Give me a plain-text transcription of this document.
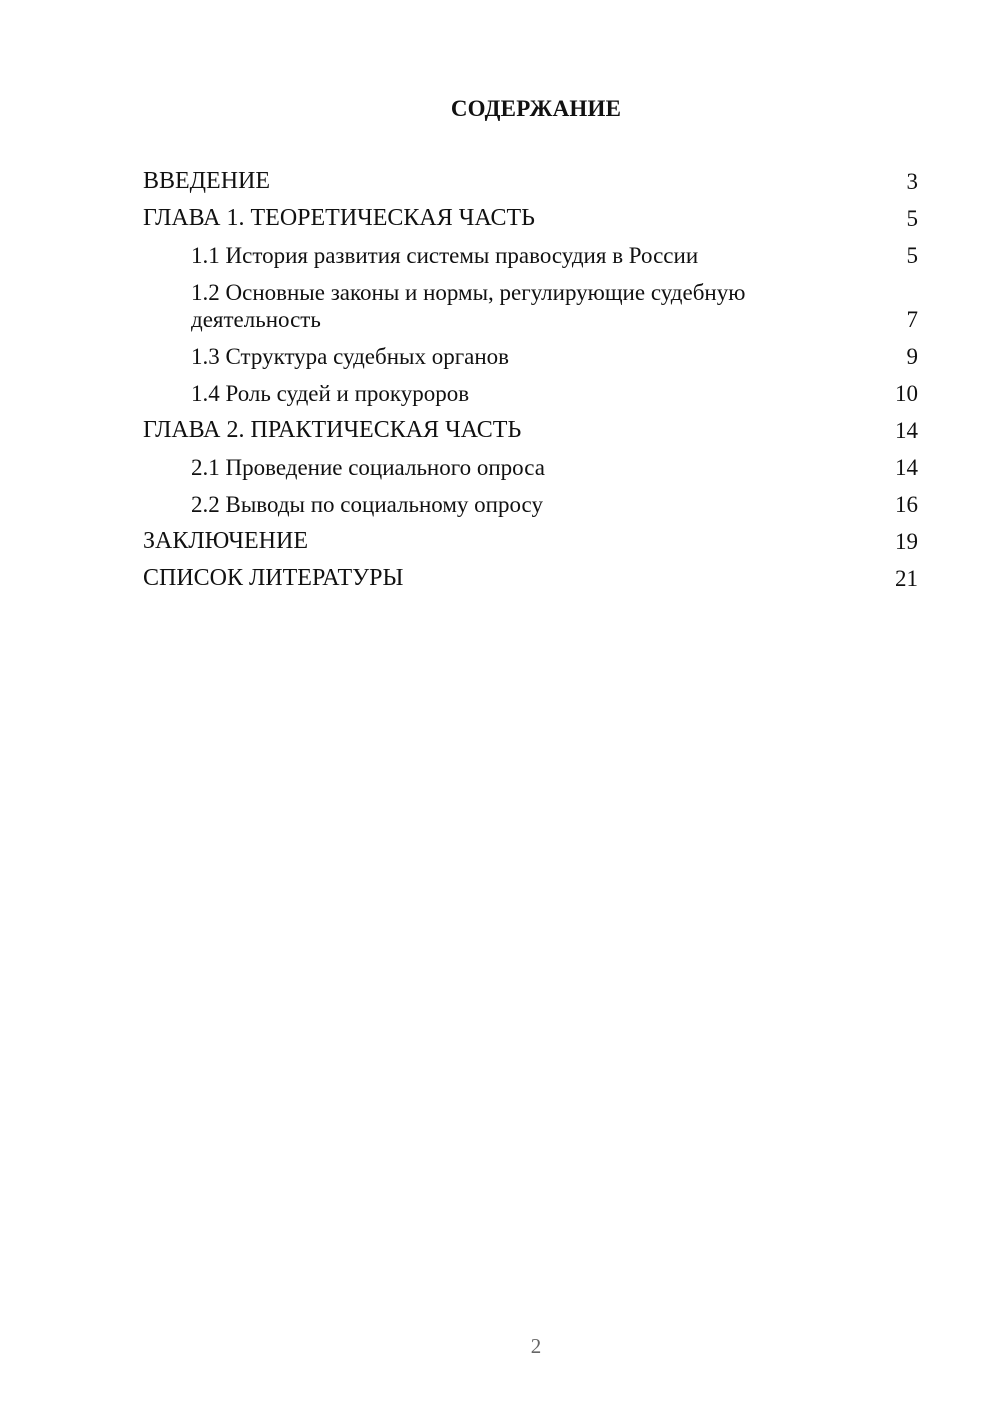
СОДЕРЖАНИЕ
ВВЕДЕНИЕ	3
ГЛАВА 1. ТЕОРЕТИЧЕСКАЯ ЧАСТЬ	5
1.1 История развития системы правосудия в России	5
1.2 Основные законы и нормы, регулирующие судебную
деятельность	7
1.3 Структура судебных органов	9
1.4 Роль судей и прокуроров	10
ГЛАВА 2. ПРАКТИЧЕСКАЯ ЧАСТЬ	14
2.1 Проведение социального опроса	14
2.2 Выводы по социальному опросу	16
ЗАКЛЮЧЕНИЕ	19
СПИСОК ЛИТЕРАТУРЫ	21
2
